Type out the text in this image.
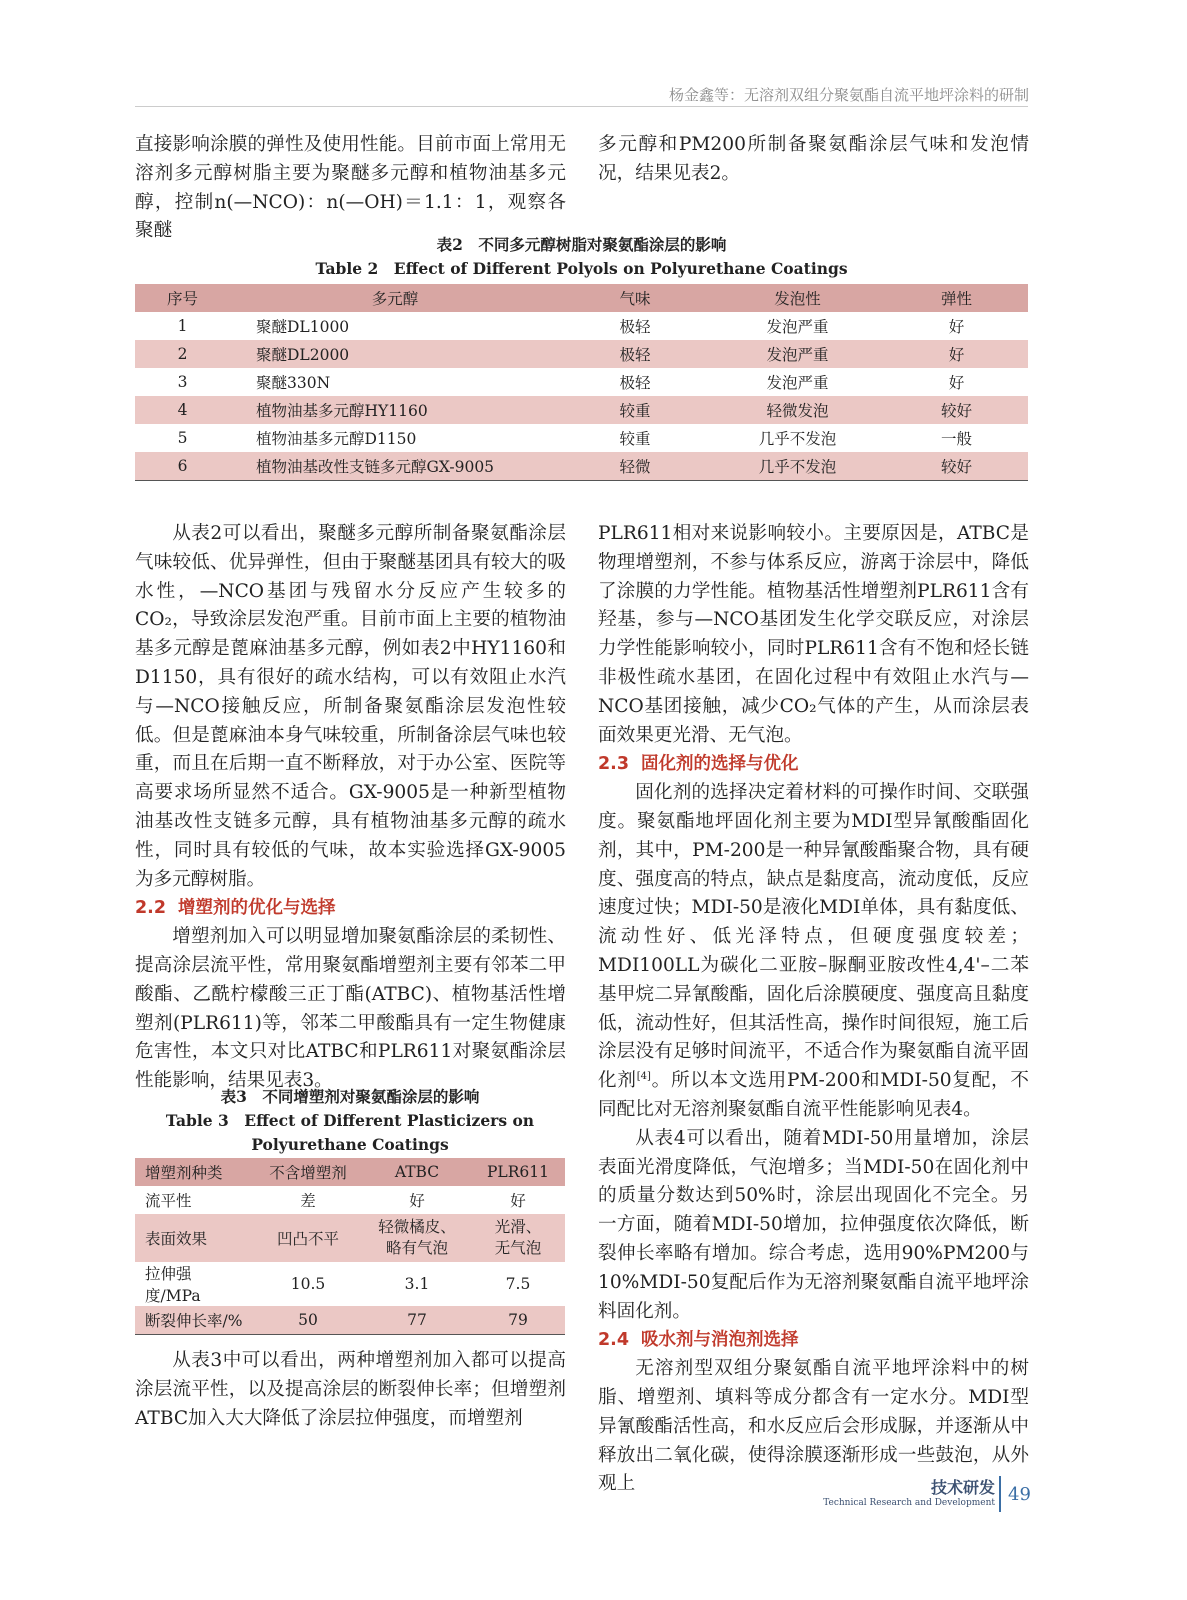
杨金鑫等：无溶剂双组分聚氨酯自流平地坪涂料的研制

直接影响涂膜的弹性及使用性能。目前市面上常用无溶剂多元醇树脂主要为聚醚多元醇和植物油基多元醇，控制n(—NCO)：n(—OH)＝1.1：1，观察各聚醚

多元醇和PM200所制备聚氨酯涂层气味和发泡情况，结果见表2。

表2　不同多元醇树脂对聚氨酯涂层的影响
Table 2　Effect of Different Polyols on Polyurethane Coatings
序号	多元醇	气味	发泡性	弹性
1	聚醚DL1000	极轻	发泡严重	好
2	聚醚DL2000	极轻	发泡严重	好
3	聚醚330N	极轻	发泡严重	好
4	植物油基多元醇HY1160	较重	轻微发泡	较好
5	植物油基多元醇D1150	较重	几乎不发泡	一般
6	植物油基改性支链多元醇GX-9005	轻微	几乎不发泡	较好

从表2可以看出，聚醚多元醇所制备聚氨酯涂层气味较低、优异弹性，但由于聚醚基团具有较大的吸水性，—NCO基团与残留水分反应产生较多的CO₂，导致涂层发泡严重。目前市面上主要的植物油基多元醇是蓖麻油基多元醇，例如表2中HY1160和D1150，具有很好的疏水结构，可以有效阻止水汽与—NCO接触反应，所制备聚氨酯涂层发泡性较低。但是蓖麻油本身气味较重，所制备涂层气味也较重，而且在后期一直不断释放，对于办公室、医院等高要求场所显然不适合。GX-9005是一种新型植物油基改性支链多元醇，具有植物油基多元醇的疏水性，同时具有较低的气味，故本实验选择GX-9005为多元醇树脂。

2.2 增塑剂的优化与选择

增塑剂加入可以明显增加聚氨酯涂层的柔韧性、提高涂层流平性，常用聚氨酯增塑剂主要有邻苯二甲酸酯、乙酰柠檬酸三正丁酯(ATBC)、植物基活性增塑剂(PLR611)等，邻苯二甲酸酯具有一定生物健康危害性，本文只对比ATBC和PLR611对聚氨酯涂层性能影响，结果见表3。

表3　不同增塑剂对聚氨酯涂层的影响
Table 3　Effect of Different Plasticizers on Polyurethane Coatings
增塑剂种类	不含增塑剂	ATBC	PLR611
流平性	差	好	好
表面效果	凹凸不平	轻微橘皮、略有气泡	光滑、无气泡
拉伸强度/MPa	10.5	3.1	7.5
断裂伸长率/%	50	77	79

从表3中可以看出，两种增塑剂加入都可以提高涂层流平性，以及提高涂层的断裂伸长率；但增塑剂ATBC加入大大降低了涂层拉伸强度，而增塑剂

PLR611相对来说影响较小。主要原因是，ATBC是物理增塑剂，不参与体系反应，游离于涂层中，降低了涂膜的力学性能。植物基活性增塑剂PLR611含有羟基，参与—NCO基团发生化学交联反应，对涂层力学性能影响较小，同时PLR611含有不饱和烃长链非极性疏水基团，在固化过程中有效阻止水汽与—NCO基团接触，减少CO₂气体的产生，从而涂层表面效果更光滑、无气泡。

2.3 固化剂的选择与优化

固化剂的选择决定着材料的可操作时间、交联强度。聚氨酯地坪固化剂主要为MDI型异氰酸酯固化剂，其中，PM-200是一种异氰酸酯聚合物，具有硬度、强度高的特点，缺点是黏度高，流动度低，反应速度过快；MDI-50是液化MDI单体，具有黏度低、流动性好、低光泽特点，但硬度强度较差；MDI100LL为碳化二亚胺–脲酮亚胺改性4,4'–二苯基甲烷二异氰酸酯，固化后涂膜硬度、强度高且黏度低，流动性好，但其活性高，操作时间很短，施工后涂层没有足够时间流平，不适合作为聚氨酯自流平固化剂[4]。所以本文选用PM-200和MDI-50复配，不同配比对无溶剂聚氨酯自流平性能影响见表4。

从表4可以看出，随着MDI-50用量增加，涂层表面光滑度降低，气泡增多；当MDI-50在固化剂中的质量分数达到50%时，涂层出现固化不完全。另一方面，随着MDI-50增加，拉伸强度依次降低，断裂伸长率略有增加。综合考虑，选用90%PM200与10%MDI-50复配后作为无溶剂聚氨酯自流平地坪涂料固化剂。

2.4 吸水剂与消泡剂选择

无溶剂型双组分聚氨酯自流平地坪涂料中的树脂、增塑剂、填料等成分都含有一定水分。MDI型异氰酸酯活性高，和水反应后会形成脲，并逐渐从中释放出二氧化碳，使得涂膜逐渐形成一些鼓泡，从外观上	技术研发
Technical Research and Development 49
